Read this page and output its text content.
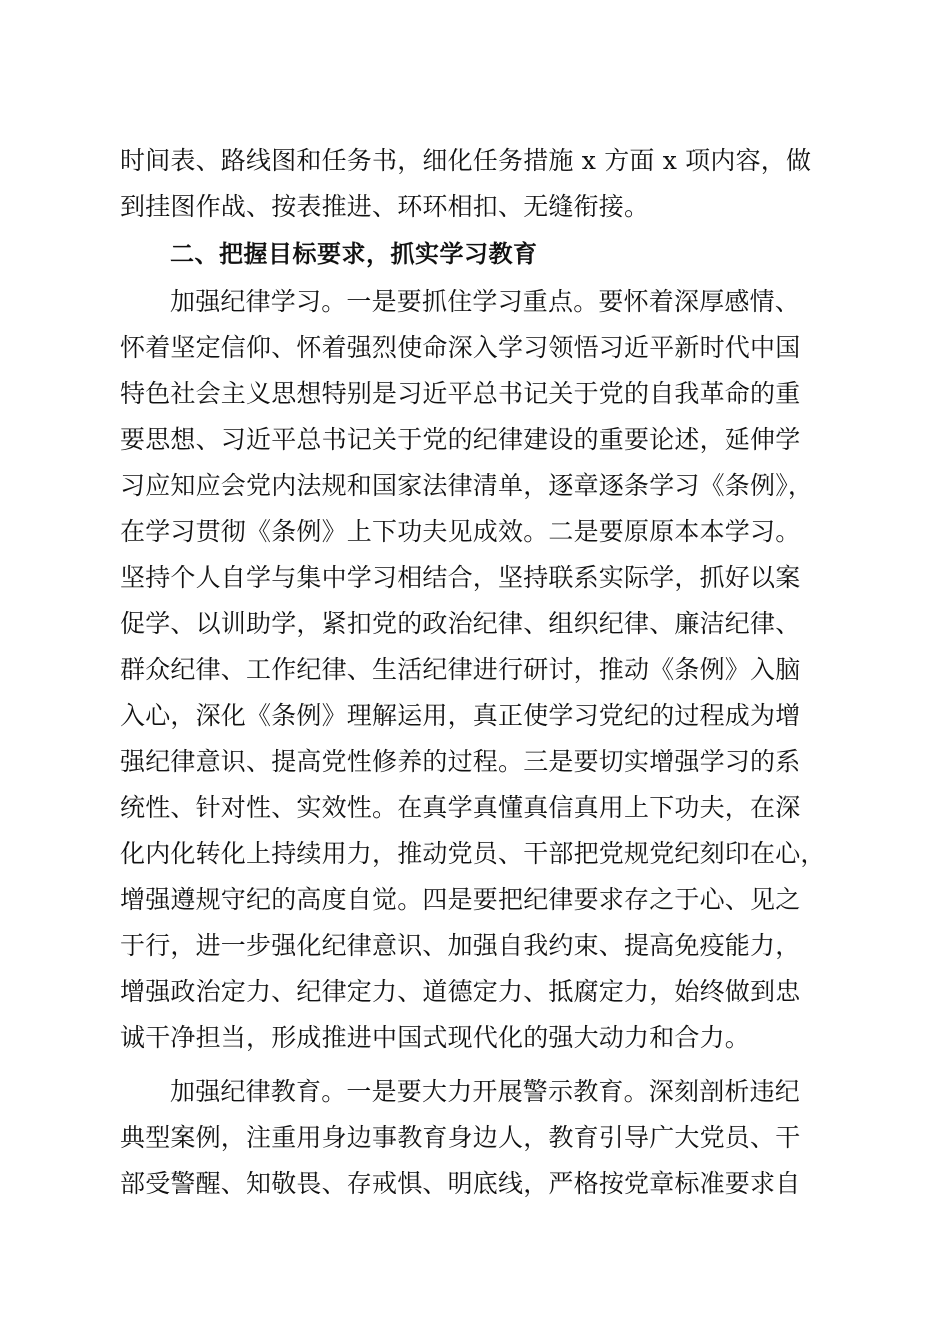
时间表、路线图和任务书，细化任务措施 x 方面 x 项内容，做
到挂图作战、按表推进、环环相扣、无缝衔接。
二、把握目标要求，抓实学习教育
加强纪律学习。一是要抓住学习重点。要怀着深厚感情、
怀着坚定信仰、怀着强烈使命深入学习领悟习近平新时代中国
特色社会主义思想特别是习近平总书记关于党的自我革命的重
要思想、习近平总书记关于党的纪律建设的重要论述，延伸学
习应知应会党内法规和国家法律清单，逐章逐条学习《条例》，
在学习贯彻《条例》上下功夫见成效。二是要原原本本学习。
坚持个人自学与集中学习相结合，坚持联系实际学，抓好以案
促学、以训助学，紧扣党的政治纪律、组织纪律、廉洁纪律、
群众纪律、工作纪律、生活纪律进行研讨，推动《条例》入脑
入心，深化《条例》理解运用，真正使学习党纪的过程成为增
强纪律意识、提高党性修养的过程。三是要切实增强学习的系
统性、针对性、实效性。在真学真懂真信真用上下功夫，在深
化内化转化上持续用力，推动党员、干部把党规党纪刻印在心，
增强遵规守纪的高度自觉。四是要把纪律要求存之于心、见之
于行，进一步强化纪律意识、加强自我约束、提高免疫能力，
增强政治定力、纪律定力、道德定力、抵腐定力，始终做到忠
诚干净担当，形成推进中国式现代化的强大动力和合力。
加强纪律教育。一是要大力开展警示教育。深刻剖析违纪
典型案例，注重用身边事教育身边人，教育引导广大党员、干
部受警醒、知敬畏、存戒惧、明底线，严格按党章标准要求自
